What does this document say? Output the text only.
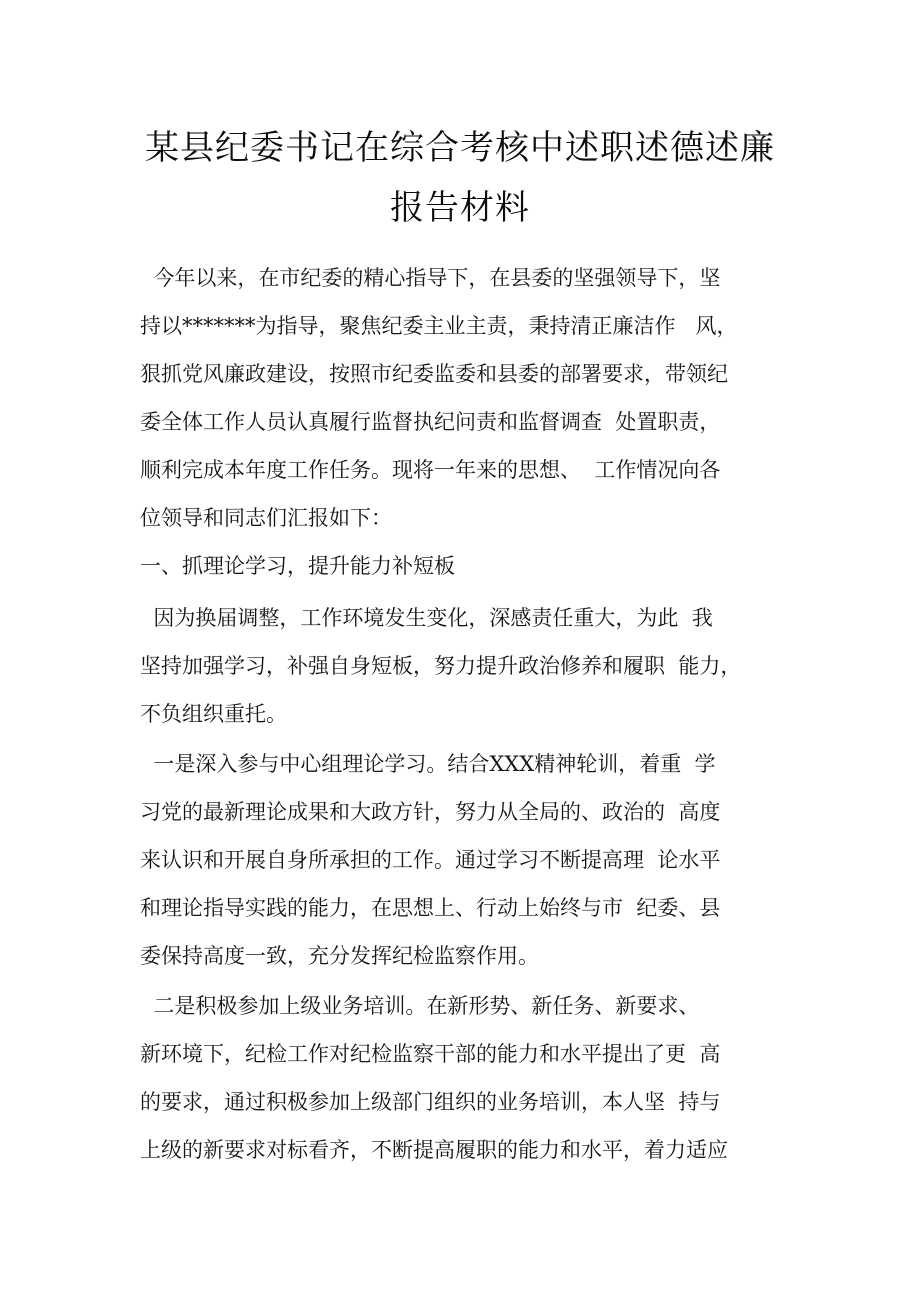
某县纪委书记在综合考核中述职述德述廉
报告材料
今年以来，在市纪委的精心指导下，在县委的坚强领导下，坚
持以*******为指导，聚焦纪委主业主责，秉持清正廉洁作   风，
狠抓党风廉政建设，按照市纪委监委和县委的部署要求，带领纪
委全体工作人员认真履行监督执纪问责和监督调查  处置职责，
顺利完成本年度工作任务。现将一年来的思想、  工作情况向各
位领导和同志们汇报如下：
一、抓理论学习，提升能力补短板
因为换届调整，工作环境发生变化，深感责任重大，为此  我
坚持加强学习，补强自身短板，努力提升政治修养和履职  能力，
不负组织重托。
一是深入参与中心组理论学习。结合XXX精神轮训，着重  学
习党的最新理论成果和大政方针，努力从全局的、政治的  高度
来认识和开展自身所承担的工作。通过学习不断提高理  论水平
和理论指导实践的能力，在思想上、行动上始终与市  纪委、县
委保持高度一致，充分发挥纪检监察作用。
二是积极参加上级业务培训。在新形势、新任务、新要求、
新环境下，纪检工作对纪检监察干部的能力和水平提出了更  高
的要求，通过积极参加上级部门组织的业务培训，本人坚  持与
上级的新要求对标看齐，不断提高履职的能力和水平，着力适应
